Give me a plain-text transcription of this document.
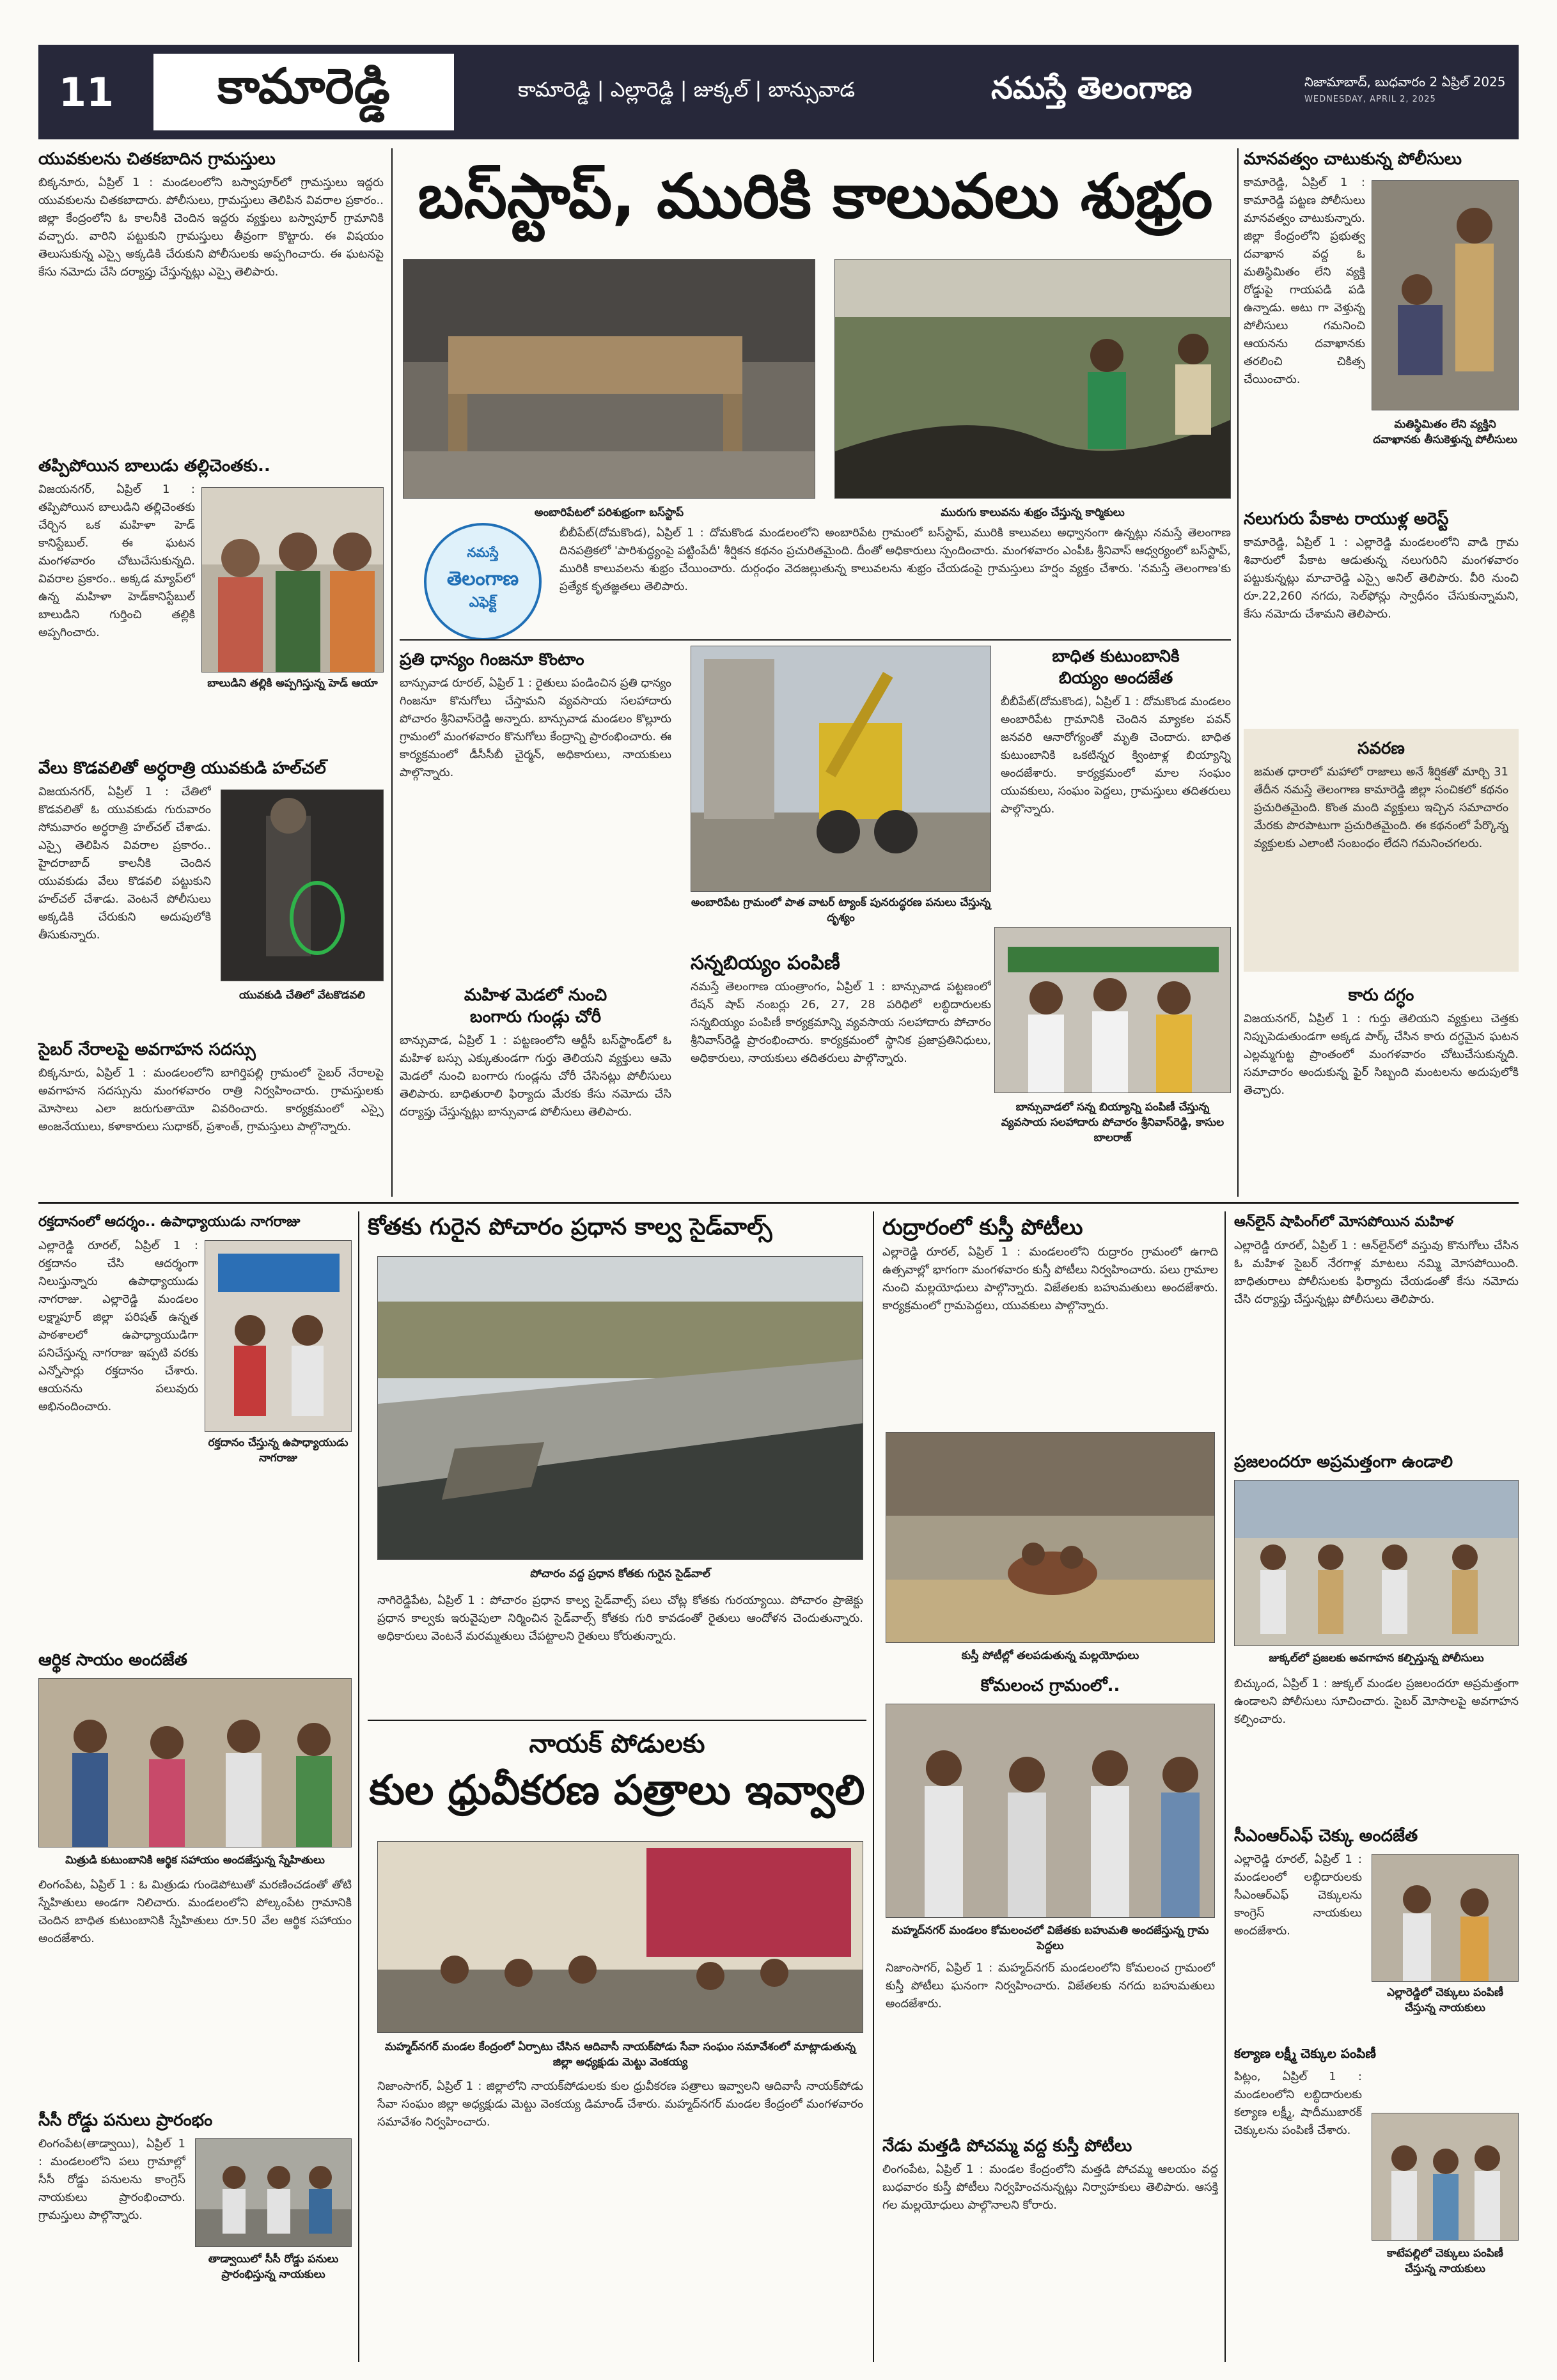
11	కామారెడ్డి	కామారెడ్డి | ఎల్లారెడ్డి | జుక్కల్ | బాన్సువాడ	నమస్తే తెలంగాణ	నిజామాబాద్, బుధవారం 2 ఏప్రిల్ 2025
WEDNESDAY, APRIL 2, 2025
యువకులను చితకబాదిన గ్రామస్తులు
బిక్కనూరు, ఏప్రిల్ 1 : మండలంలోని బస్వాపూర్‌లో గ్రామస్తులు ఇద్దరు యువకులను చితకబాదారు. పోలీసులు, గ్రామస్తులు తెలిపిన వివరాల ప్రకారం.. జిల్లా కేంద్రంలోని ఓ కాలనీకి చెందిన ఇద్దరు వ్యక్తులు బస్వాపూర్ గ్రామానికి వచ్చారు. వారిని పట్టుకుని గ్రామస్తులు తీవ్రంగా కొట్టారు. ఈ విషయం తెలుసుకున్న ఎస్సై అక్కడికి చేరుకుని పోలీసులకు అప్పగించారు. ఈ ఘటనపై కేసు నమోదు చేసి దర్యాప్తు చేస్తున్నట్లు ఎస్సై తెలిపారు.
తప్పిపోయిన బాలుడు తల్లిచెంతకు..
విజయనగర్, ఏప్రిల్ 1 : తప్పిపోయిన బాలుడిని తల్లిచెంతకు చేర్చిన ఒక మహిళా హెడ్ కానిస్టేబుల్. ఈ ఘటన మంగళవారం చోటుచేసుకున్నది. వివరాల ప్రకారం.. అక్కడ మ్యాప్‌లో ఉన్న మహిళా హెడ్‌కానిస్టేబుల్ బాలుడిని గుర్తించి తల్లికి అప్పగించారు.
బాలుడిని తల్లికి అప్పగిస్తున్న హెడ్ ఆయా
వేలు కొడవలితో అర్ధరాత్రి యువకుడి హల్‌చల్
విజయనగర్, ఏప్రిల్ 1 : చేతిలో కొడవలితో ఓ యువకుడు గురువారం సోమవారం అర్ధరాత్రి హల్‌చల్ చేశాడు. ఎస్సై తెలిపిన వివరాల ప్రకారం.. హైదరాబాద్ కాలనీకి చెందిన యువకుడు వేలు కొడవలి పట్టుకుని హల్‌చల్ చేశాడు. వెంటనే పోలీసులు అక్కడికి చేరుకుని అదుపులోకి తీసుకున్నారు.
యువకుడి చేతిలో వేటకొడవలి
సైబర్ నేరాలపై అవగాహన సదస్సు
బిక్కనూరు, ఏప్రిల్ 1 : మండలంలోని బాగిర్తిపల్లి గ్రామంలో సైబర్ నేరాలపై అవగాహన సదస్సును మంగళవారం రాత్రి నిర్వహించారు. గ్రామస్తులకు మోసాలు ఎలా జరుగుతాయో వివరించారు. కార్యక్రమంలో ఎస్సై అంజనేయులు, కళాకారులు సుధాకర్, ప్రశాంత్, గ్రామస్తులు పాల్గొన్నారు.
బస్‌స్టాప్, మురికి కాలువలు శుభ్రం
అంబారిపేటలో పరిశుభ్రంగా బస్‌స్టాప్	మురుగు కాలువను శుభ్రం చేస్తున్న కార్మికులు
నమస్తే
తెలంగాణ
ఎఫెక్ట్
బీబీపేట్(దోమకొండ), ఏప్రిల్ 1 : దోమకొండ మండలంలోని అంబారిపేట గ్రామంలో బస్‌స్టాప్, మురికి కాలువలు అధ్వానంగా ఉన్నట్లు నమస్తే తెలంగాణ దినపత్రికలో 'పారిశుద్ధ్యంపై పట్టింపేదీ' శీర్షికన కథనం ప్రచురితమైంది. దీంతో అధికారులు స్పందించారు. మంగళవారం ఎంపీఓ శ్రీనివాస్ ఆధ్వర్యంలో బస్‌స్టాప్, మురికి కాలువలను శుభ్రం చేయించారు. దుర్గంధం వెదజల్లుతున్న కాలువలను శుభ్రం చేయడంపై గ్రామస్తులు హర్షం వ్యక్తం చేశారు. 'నమస్తే తెలంగాణ'కు ప్రత్యేక కృతజ్ఞతలు తెలిపారు.
ప్రతి ధాన్యం గింజనూ కొంటాం
బాన్సువాడ రూరల్, ఏప్రిల్ 1 : రైతులు పండించిన ప్రతి ధాన్యం గింజనూ కొనుగోలు చేస్తామని వ్యవసాయ సలహాదారు పోచారం శ్రీనివాస్‌రెడ్డి అన్నారు. బాన్సువాడ మండలం కొల్లూరు గ్రామంలో మంగళవారం కొనుగోలు కేంద్రాన్ని ప్రారంభించారు. ఈ కార్యక్రమంలో డీసీసీబీ చైర్మన్, అధికారులు, నాయకులు పాల్గొన్నారు.
మహిళ మెడలో నుంచి
బంగారు గుండ్లు చోరీ
బాన్సువాడ, ఏప్రిల్ 1 : పట్టణంలోని ఆర్టీసీ బస్‌స్టాండ్‌లో ఓ మహిళ బస్సు ఎక్కుతుండగా గుర్తు తెలియని వ్యక్తులు ఆమె మెడలో నుంచి బంగారు గుండ్లను చోరీ చేసినట్లు పోలీసులు తెలిపారు. బాధితురాలి ఫిర్యాదు మేరకు కేసు నమోదు చేసి దర్యాప్తు చేస్తున్నట్లు బాన్సువాడ పోలీసులు తెలిపారు.
అంబారిపేట గ్రామంలో పాత వాటర్ ట్యాంక్ పునరుద్ధరణ పనులు చేస్తున్న దృశ్యం
సన్నబియ్యం పంపిణీ
నమస్తే తెలంగాణ యంత్రాంగం, ఏప్రిల్ 1 : బాన్సువాడ పట్టణంలో రేషన్ షాప్ నంబర్లు 26, 27, 28 పరిధిలో లబ్ధిదారులకు సన్నబియ్యం పంపిణీ కార్యక్రమాన్ని వ్యవసాయ సలహాదారు పోచారం శ్రీనివాస్‌రెడ్డి ప్రారంభించారు. కార్యక్రమంలో స్థానిక ప్రజాప్రతినిధులు, అధికారులు, నాయకులు తదితరులు పాల్గొన్నారు.
బాధిత కుటుంబానికి
బియ్యం అందజేత
బీబీపేట్(దోమకొండ), ఏప్రిల్ 1 : దోమకొండ మండలం అంబారిపేట గ్రామానికి చెందిన మ్యాకల పవన్ జనవరి ఆనారోగ్యంతో మృతి చెందారు. బాధిత కుటుంబానికి ఒకటిన్నర క్వింటాళ్ల బియ్యాన్ని అందజేశారు. కార్యక్రమంలో మాల సంఘం యువకులు, సంఘం పెద్దలు, గ్రామస్తులు తదితరులు పాల్గొన్నారు.
బాన్సువాడలో సన్న బియ్యాన్ని పంపిణీ చేస్తున్న వ్యవసాయ సలహాదారు పోచారం శ్రీనివాస్‌రెడ్డి, కాసుల బాలరాజ్
మానవత్వం చాటుకున్న పోలీసులు
కామారెడ్డి, ఏప్రిల్ 1 : కామారెడ్డి పట్టణ పోలీసులు మానవత్వం చాటుకున్నారు. జిల్లా కేంద్రంలోని ప్రభుత్వ దవాఖాన వద్ద ఓ మతిస్థిమితం లేని వ్యక్తి రోడ్డుపై గాయపడి పడి ఉన్నాడు. అటు గా వెళ్తున్న పోలీసులు గమనించి ఆయనను దవాఖానకు తరలించి చికిత్స చేయించారు.
మతిస్థిమితం లేని వ్యక్తిని దవాఖానకు తీసుకెళ్తున్న పోలీసులు
నలుగురు పేకాట రాయుళ్ల అరెస్ట్
కామారెడ్డి, ఏప్రిల్ 1 : ఎల్లారెడ్డి మండలంలోని వాడి గ్రామ శివారులో పేకాట ఆడుతున్న నలుగురిని మంగళవారం పట్టుకున్నట్లు మాచారెడ్డి ఎస్సై అనిల్ తెలిపారు. వీరి నుంచి రూ.22,260 నగదు, సెల్‌ఫోన్లు స్వాధీనం చేసుకున్నామని, కేసు నమోదు చేశామని తెలిపారు.
సవరణ
జమత ధారాలో మహాలో రాజాలు అనే శీర్షికతో మార్చి 31 తేదీన నమస్తే తెలంగాణ కామారెడ్డి జిల్లా సంచికలో కథనం ప్రచురితమైంది. కొంత మంది వ్యక్తులు ఇచ్చిన సమాచారం మేరకు పొరపాటుగా ప్రచురితమైంది. ఈ కథనంలో పేర్కొన్న వ్యక్తులకు ఎలాంటి సంబంధం లేదని గమనించగలరు.
కారు దగ్ధం
విజయనగర్, ఏప్రిల్ 1 : గుర్తు తెలియని వ్యక్తులు చెత్తకు నిప్పుపెడుతుండగా అక్కడ పార్క్ చేసిన కారు దగ్ధమైన ఘటన ఎల్లమ్మగుట్ట ప్రాంతంలో మంగళవారం చోటుచేసుకున్నది. సమాచారం అందుకున్న ఫైర్ సిబ్బంది మంటలను అదుపులోకి తెచ్చారు.
రక్తదానంలో ఆదర్శం.. ఉపాధ్యాయుడు నాగరాజు
ఎల్లారెడ్డి రూరల్, ఏప్రిల్ 1 : రక్తదానం చేసి ఆదర్శంగా నిలుస్తున్నారు ఉపాధ్యాయుడు నాగరాజు. ఎల్లారెడ్డి మండలం లక్ష్మాపూర్ జిల్లా పరిషత్ ఉన్నత పాఠశాలలో ఉపాధ్యాయుడిగా పనిచేస్తున్న నాగరాజు ఇప్పటి వరకు ఎన్నోసార్లు రక్తదానం చేశారు. ఆయనను పలువురు అభినందించారు.
రక్తదానం చేస్తున్న ఉపాధ్యాయుడు నాగరాజు
ఆర్థిక సాయం అందజేత
మిత్రుడి కుటుంబానికి ఆర్థిక సహాయం అందజేస్తున్న స్నేహితులు
లింగంపేట, ఏప్రిల్ 1 : ఓ మిత్రుడు గుండెపోటుతో మరణించడంతో తోటి స్నేహితులు అండగా నిలిచారు. మండలంలోని పోల్కంపేట గ్రామానికి చెందిన బాధిత కుటుంబానికి స్నేహితులు రూ.50 వేల ఆర్థిక సహాయం అందజేశారు.
సీసీ రోడ్డు పనులు ప్రారంభం
లింగంపేట(తాడ్వాయి), ఏప్రిల్ 1 : మండలంలోని పలు గ్రామాల్లో సీసీ రోడ్డు పనులను కాంగ్రెస్ నాయకులు ప్రారంభించారు. గ్రామస్తులు పాల్గొన్నారు.
తాడ్వాయిలో సీసీ రోడ్డు పనులు ప్రారంభిస్తున్న నాయకులు
కోతకు గురైన పోచారం ప్రధాన కాల్వ సైడ్‌వాల్స్
పోచారం వద్ద ప్రధాన కోతకు గురైన సైడ్‌వాల్
నాగిరెడ్డిపేట, ఏప్రిల్ 1 : పోచారం ప్రధాన కాల్వ సైడ్‌వాల్స్ పలు చోట్ల కోతకు గురయ్యాయి. పోచారం ప్రాజెక్టు ప్రధాన కాల్వకు ఇరువైపులా నిర్మించిన సైడ్‌వాల్స్ కోతకు గురి కావడంతో రైతులు ఆందోళన చెందుతున్నారు. అధికారులు వెంటనే మరమ్మతులు చేపట్టాలని రైతులు కోరుతున్నారు.
నాయక్ పోడులకు
కుల ధ్రువీకరణ పత్రాలు ఇవ్వాలి
మహ్మద్‌నగర్ మండల కేంద్రంలో ఏర్పాటు చేసిన ఆదివాసీ నాయక్‌పోడు సేవా సంఘం సమావేశంలో మాట్లాడుతున్న జిల్లా అధ్యక్షుడు మెట్టు వెంకయ్య
నిజాంసాగర్, ఏప్రిల్ 1 : జిల్లాలోని నాయక్‌పోడులకు కుల ధ్రువీకరణ పత్రాలు ఇవ్వాలని ఆదివాసీ నాయక్‌పోడు సేవా సంఘం జిల్లా అధ్యక్షుడు మెట్టు వెంకయ్య డిమాండ్ చేశారు. మహ్మద్‌నగర్ మండల కేంద్రంలో మంగళవారం సమావేశం నిర్వహించారు.
రుద్రారంలో కుస్తీ పోటీలు
ఎల్లారెడ్డి రూరల్, ఏప్రిల్ 1 : మండలంలోని రుద్రారం గ్రామంలో ఉగాది ఉత్సవాల్లో భాగంగా మంగళవారం కుస్తీ పోటీలు నిర్వహించారు. పలు గ్రామాల నుంచి మల్లయోధులు పాల్గొన్నారు. విజేతలకు బహుమతులు అందజేశారు. కార్యక్రమంలో గ్రామపెద్దలు, యువకులు పాల్గొన్నారు.
కుస్తీ పోటీల్లో తలపడుతున్న మల్లయోధులు
కోమలంచ గ్రామంలో..
మహ్మద్‌నగర్ మండలం కోమలంచలో విజేతకు బహుమతి అందజేస్తున్న గ్రామ పెద్దలు
నిజాంసాగర్, ఏప్రిల్ 1 : మహ్మద్‌నగర్ మండలంలోని కోమలంచ గ్రామంలో కుస్తీ పోటీలు ఘనంగా నిర్వహించారు. విజేతలకు నగదు బహుమతులు అందజేశారు.
నేడు మత్తడి పోచమ్మ వద్ద కుస్తీ పోటీలు
లింగంపేట, ఏప్రిల్ 1 : మండల కేంద్రంలోని మత్తడి పోచమ్మ ఆలయం వద్ద బుధవారం కుస్తీ పోటీలు నిర్వహించనున్నట్లు నిర్వాహకులు తెలిపారు. ఆసక్తి గల మల్లయోధులు పాల్గొనాలని కోరారు.
ఆన్‌లైన్ షాపింగ్‌లో మోసపోయిన మహిళ
ఎల్లారెడ్డి రూరల్, ఏప్రిల్ 1 : ఆన్‌లైన్‌లో వస్తువు కొనుగోలు చేసిన ఓ మహిళ సైబర్ నేరగాళ్ల మాటలు నమ్మి మోసపోయింది. బాధితురాలు పోలీసులకు ఫిర్యాదు చేయడంతో కేసు నమోదు చేసి దర్యాప్తు చేస్తున్నట్లు పోలీసులు తెలిపారు.
ప్రజలందరూ అప్రమత్తంగా ఉండాలి
జుక్కల్‌లో ప్రజలకు అవగాహన కల్పిస్తున్న పోలీసులు
బిచ్కుంద, ఏప్రిల్ 1 : జుక్కల్ మండల ప్రజలందరూ అప్రమత్తంగా ఉండాలని పోలీసులు సూచించారు. సైబర్ మోసాలపై అవగాహన కల్పించారు.
సీఎంఆర్ఎఫ్ చెక్కు అందజేత
ఎల్లారెడ్డి రూరల్, ఏప్రిల్ 1 : మండలంలో లబ్ధిదారులకు సీఎంఆర్ఎఫ్ చెక్కులను కాంగ్రెస్ నాయకులు అందజేశారు.
ఎల్లారెడ్డిలో చెక్కులు పంపిణీ చేస్తున్న నాయకులు
కల్యాణ లక్ష్మీ చెక్కుల పంపిణీ
పిట్లం, ఏప్రిల్ 1 : మండలంలోని లబ్ధిదారులకు కల్యాణ లక్ష్మీ, షాదీముబారక్ చెక్కులను పంపిణీ చేశారు.
కాటేపల్లిలో చెక్కులు పంపిణీ చేస్తున్న నాయకులు
